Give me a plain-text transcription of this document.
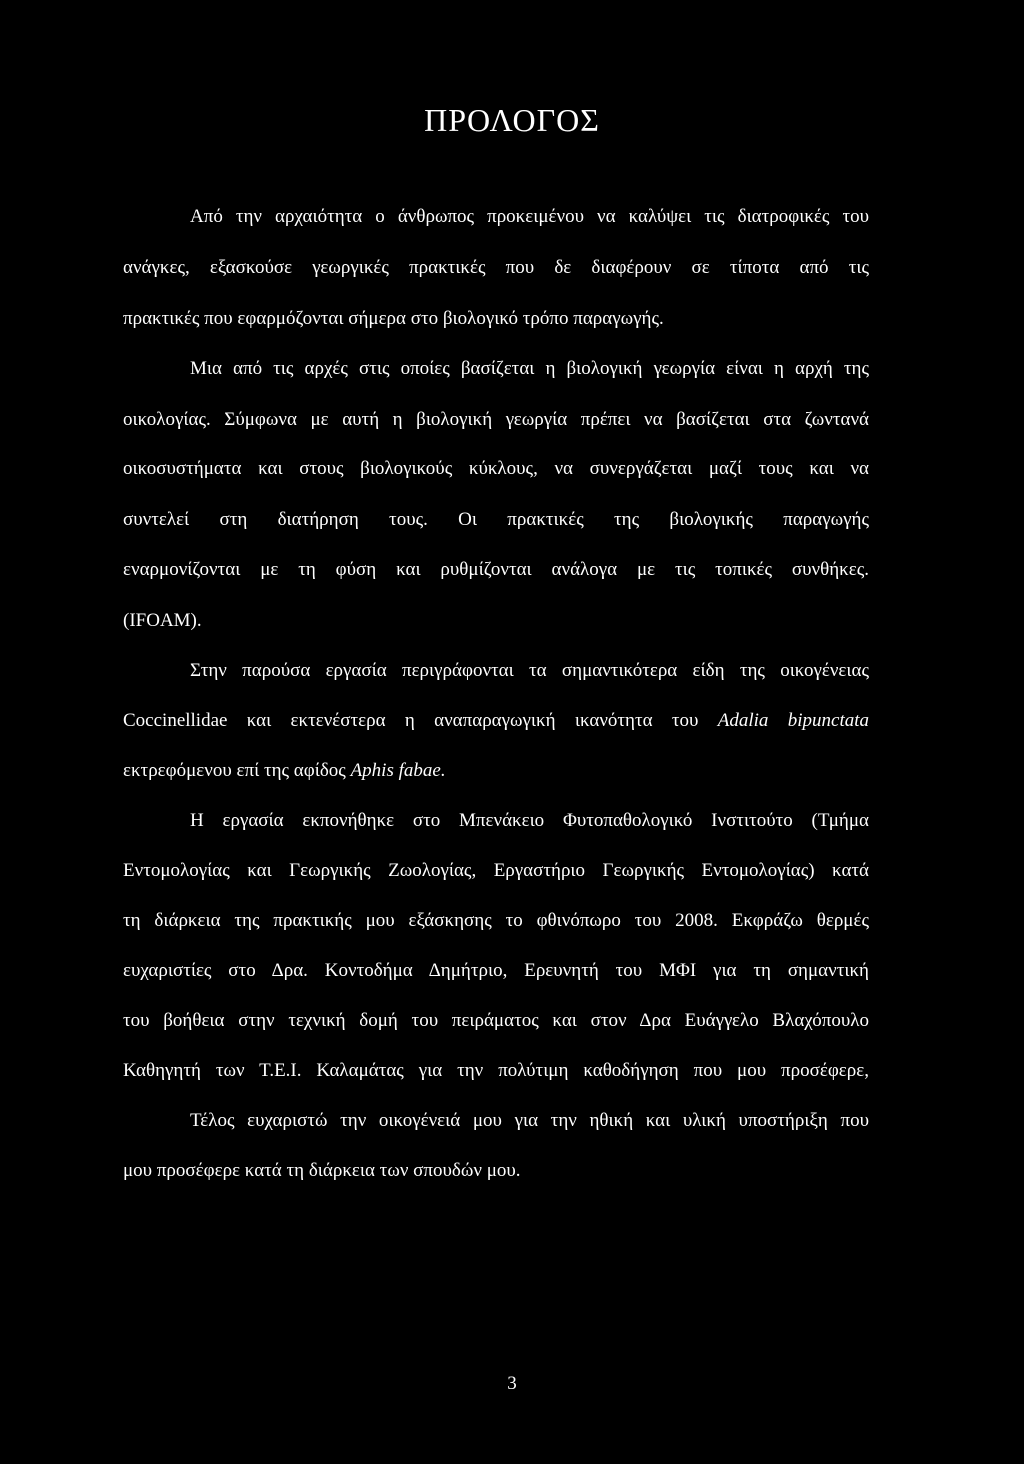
ΠΡΟΛΟΓΟΣ
Από την αρχαιότητα ο άνθρωπος προκειμένου να καλύψει τις διατροφικές του
ανάγκες, εξασκούσε γεωργικές πρακτικές που δε διαφέρουν σε τίποτα από τις
πρακτικές που εφαρμόζονται σήμερα στο βιολογικό τρόπο παραγωγής.
Μια από τις αρχές στις οποίες βασίζεται η βιολογική γεωργία είναι η αρχή της
οικολογίας. Σύμφωνα με αυτή η βιολογική γεωργία πρέπει να βασίζεται στα ζωντανά
οικοσυστήματα και στους βιολογικούς κύκλους, να συνεργάζεται μαζί τους και να
συντελεί στη διατήρηση τους. Οι πρακτικές της βιολογικής παραγωγής
εναρμονίζονται με τη φύση και ρυθμίζονται ανάλογα με τις τοπικές συνθήκες.
(IFOAM).
Στην παρούσα εργασία περιγράφονται τα σημαντικότερα είδη της οικογένειας
Coccinellidae και εκτενέστερα η αναπαραγωγική ικανότητα του Adalia bipunctata
εκτρεφόμενου επί της αφίδος Aphis fabae.
Η εργασία εκπονήθηκε στο Μπενάκειο Φυτοπαθολογικό Ινστιτούτο (Τμήμα
Εντομολογίας και Γεωργικής Ζωολογίας, Εργαστήριο Γεωργικής Εντομολογίας) κατά
τη διάρκεια της πρακτικής μου εξάσκησης το φθινόπωρο του 2008. Εκφράζω θερμές
ευχαριστίες στο Δρα. Κοντοδήμα Δημήτριο, Ερευνητή του ΜΦΙ για τη σημαντική
του βοήθεια στην τεχνική δομή του πειράματος και στον Δρα Ευάγγελο Βλαχόπουλο
Καθηγητή των Τ.Ε.Ι. Καλαμάτας για την πολύτιμη καθοδήγηση που μου προσέφερε,
Τέλος ευχαριστώ την οικογένειά μου για την ηθική και υλική υποστήριξη που
μου προσέφερε κατά τη διάρκεια των σπουδών μου.
3
